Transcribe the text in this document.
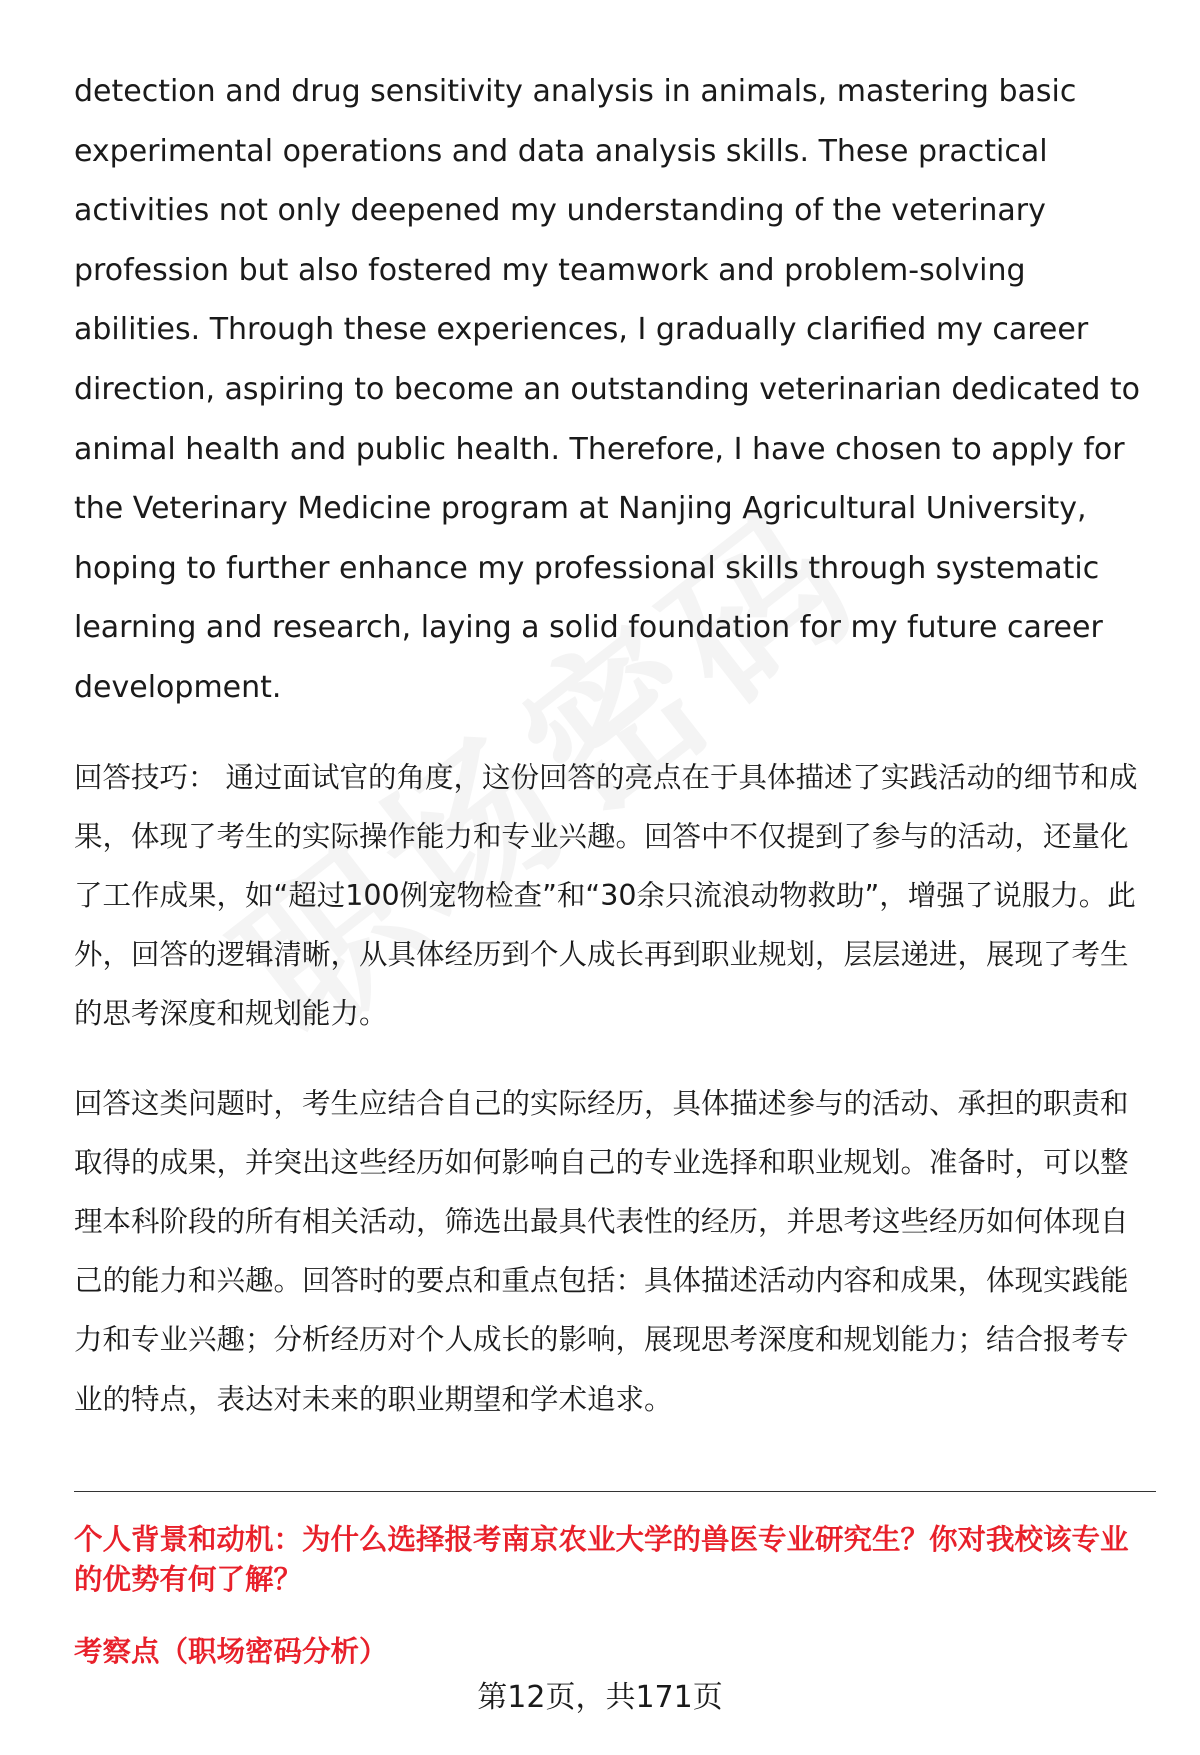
detection and drug sensitivity analysis in animals, mastering basic experimental operations and data analysis skills. These practical activities not only deepened my understanding of the veterinary profession but also fostered my teamwork and problem-solving abilities. Through these experiences, I gradually clarified my career direction, aspiring to become an outstanding veterinarian dedicated to animal health and public health. Therefore, I have chosen to apply for the Veterinary Medicine program at Nanjing Agricultural University, hoping to further enhance my professional skills through systematic learning and research, laying a solid foundation for my future career development.

回答技巧： 通过面试官的角度，这份回答的亮点在于具体描述了实践活动的细节和成果，体现了考生的实际操作能力和专业兴趣。回答中不仅提到了参与的活动，还量化了工作成果，如“超过100例宠物检查”和“30余只流浪动物救助”，增强了说服力。此外，回答的逻辑清晰，从具体经历到个人成长再到职业规划，层层递进，展现了考生的思考深度和规划能力。

回答这类问题时，考生应结合自己的实际经历，具体描述参与的活动、承担的职责和取得的成果，并突出这些经历如何影响自己的专业选择和职业规划。准备时，可以整理本科阶段的所有相关活动，筛选出最具代表性的经历，并思考这些经历如何体现自己的能力和兴趣。回答时的要点和重点包括：具体描述活动内容和成果，体现实践能力和专业兴趣；分析经历对个人成长的影响，展现思考深度和规划能力；结合报考专业的特点，表达对未来的职业期望和学术追求。

个人背景和动机：为什么选择报考南京农业大学的兽医专业研究生？你对我校该专业的优势有何了解？

考察点（职场密码分析）

第12页，共171页
